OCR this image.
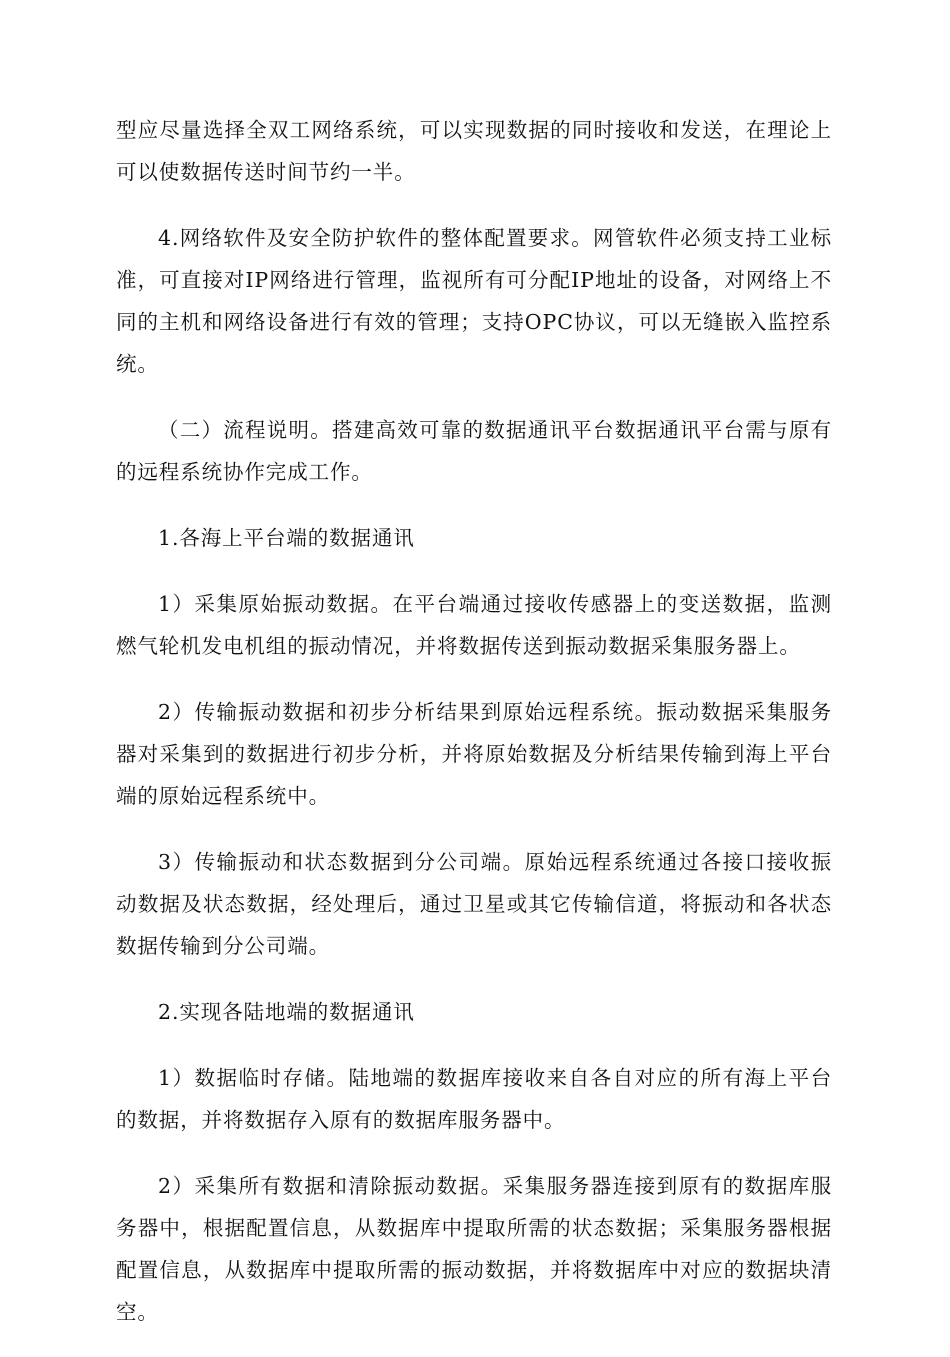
型应尽量选择全双工网络系统，可以实现数据的同时接收和发送，在理论上可以使数据传送时间节约一半。

4.网络软件及安全防护软件的整体配置要求。网管软件必须支持工业标准，可直接对IP网络进行管理，监视所有可分配IP地址的设备，对网络上不同的主机和网络设备进行有效的管理；支持OPC协议，可以无缝嵌入监控系统。

（二）流程说明。搭建高效可靠的数据通讯平台数据通讯平台需与原有的远程系统协作完成工作。

1.各海上平台端的数据通讯

1）采集原始振动数据。在平台端通过接收传感器上的变送数据，监测燃气轮机发电机组的振动情况，并将数据传送到振动数据采集服务器上。

2）传输振动数据和初步分析结果到原始远程系统。振动数据采集服务器对采集到的数据进行初步分析，并将原始数据及分析结果传输到海上平台端的原始远程系统中。

3）传输振动和状态数据到分公司端。原始远程系统通过各接口接收振动数据及状态数据，经处理后，通过卫星或其它传输信道，将振动和各状态数据传输到分公司端。

2.实现各陆地端的数据通讯

1）数据临时存储。陆地端的数据库接收来自各自对应的所有海上平台的数据，并将数据存入原有的数据库服务器中。

2）采集所有数据和清除振动数据。采集服务器连接到原有的数据库服务器中，根据配置信息，从数据库中提取所需的状态数据；采集服务器根据配置信息，从数据库中提取所需的振动数据，并将数据库中对应的数据块清空。
